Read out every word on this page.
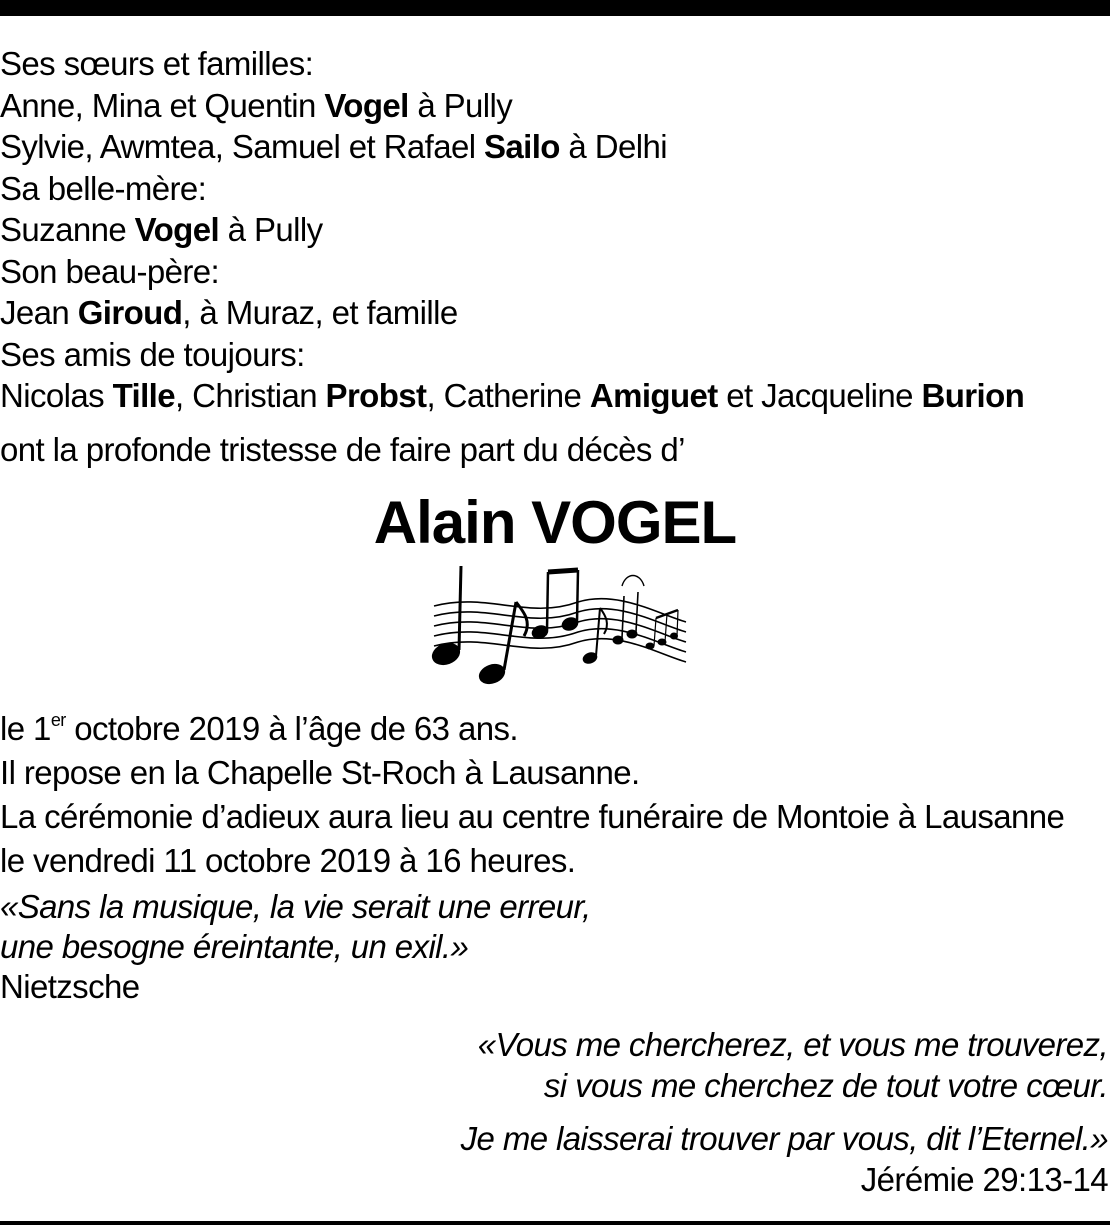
Ses sœurs et familles:
Anne, Mina et Quentin Vogel à Pully
Sylvie, Awmtea, Samuel et Rafael Sailo à Delhi
Sa belle-mère:
Suzanne Vogel à Pully
Son beau-père:
Jean Giroud, à Muraz, et famille
Ses amis de toujours:
Nicolas Tille, Christian Probst, Catherine Amiguet et Jacqueline Burion
ont la profonde tristesse de faire part du décès d’
Alain VOGEL
le 1er octobre 2019 à l’âge de 63 ans.
Il repose en la Chapelle St-Roch à Lausanne.
La cérémonie d’adieux aura lieu au centre funéraire de Montoie à Lausanne
le vendredi 11 octobre 2019 à 16 heures.
«Sans la musique, la vie serait une erreur,
une besogne éreintante, un exil.»
Nietzsche
«Vous me chercherez, et vous me trouverez,
si vous me cherchez de tout votre cœur.
Je me laisserai trouver par vous, dit l’Eternel.»
Jérémie 29:13-14
